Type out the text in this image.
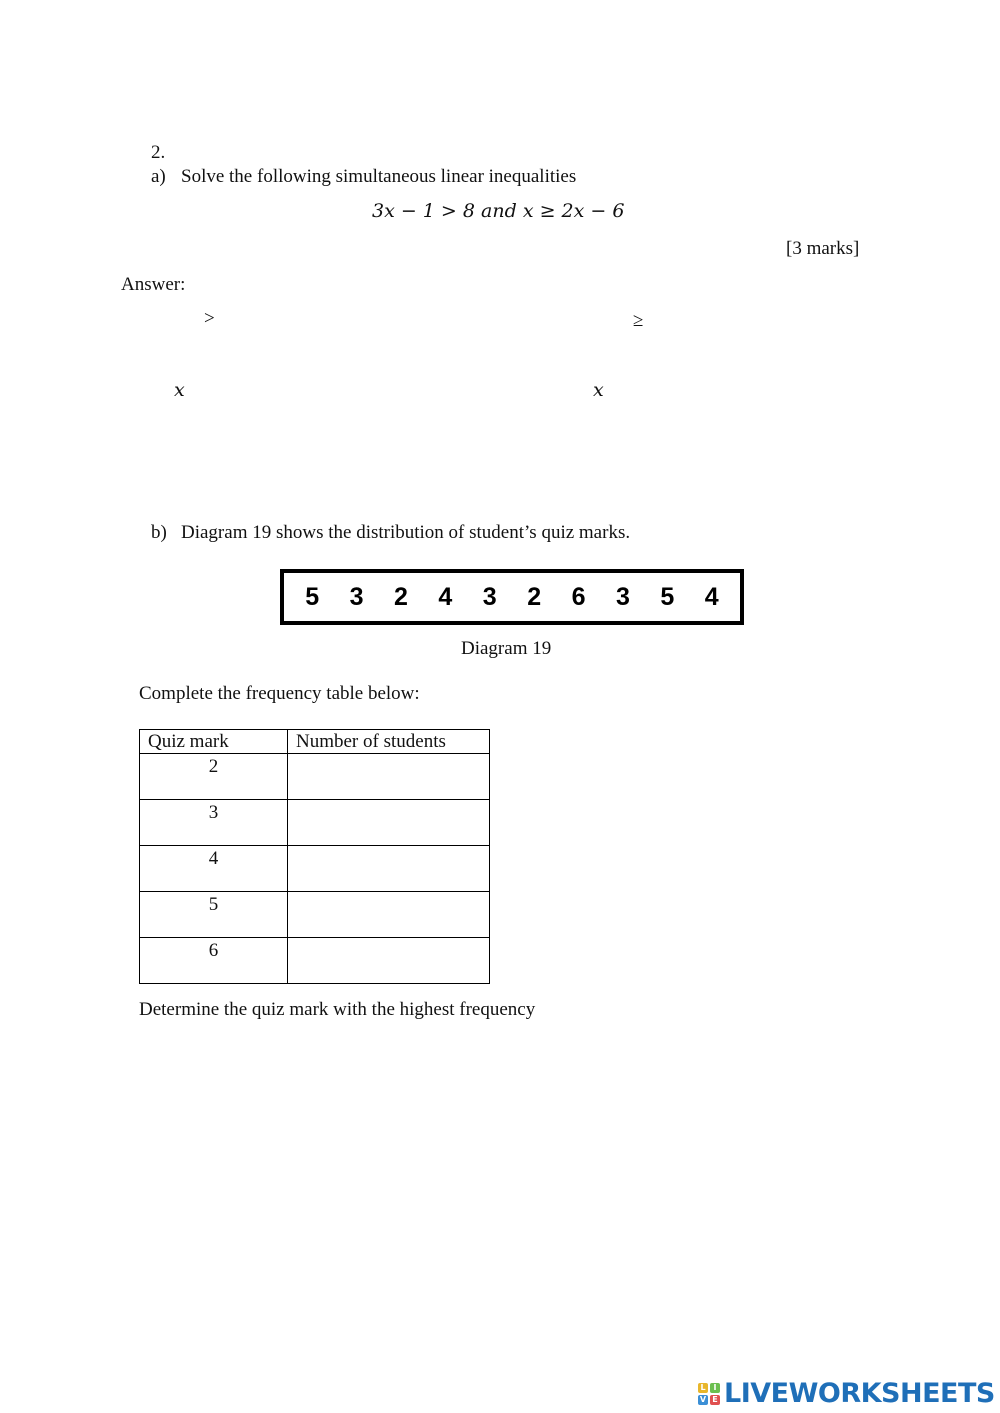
2.
a) Solve the following simultaneous linear inequalities
3x − 1 > 8 and x ≥ 2x − 6
[3 marks]
Answer:
>	≥
x	x
b) Diagram 19 shows the distribution of student’s quiz marks.
5	3	2	4	3	2	6	3	5	4
Diagram 19
Complete the frequency table below:
Quiz mark	Number of students
2	
3	
4	
5	
6	
Determine the quiz mark with the highest frequency
L I
V E LIVEWORKSHEETS
